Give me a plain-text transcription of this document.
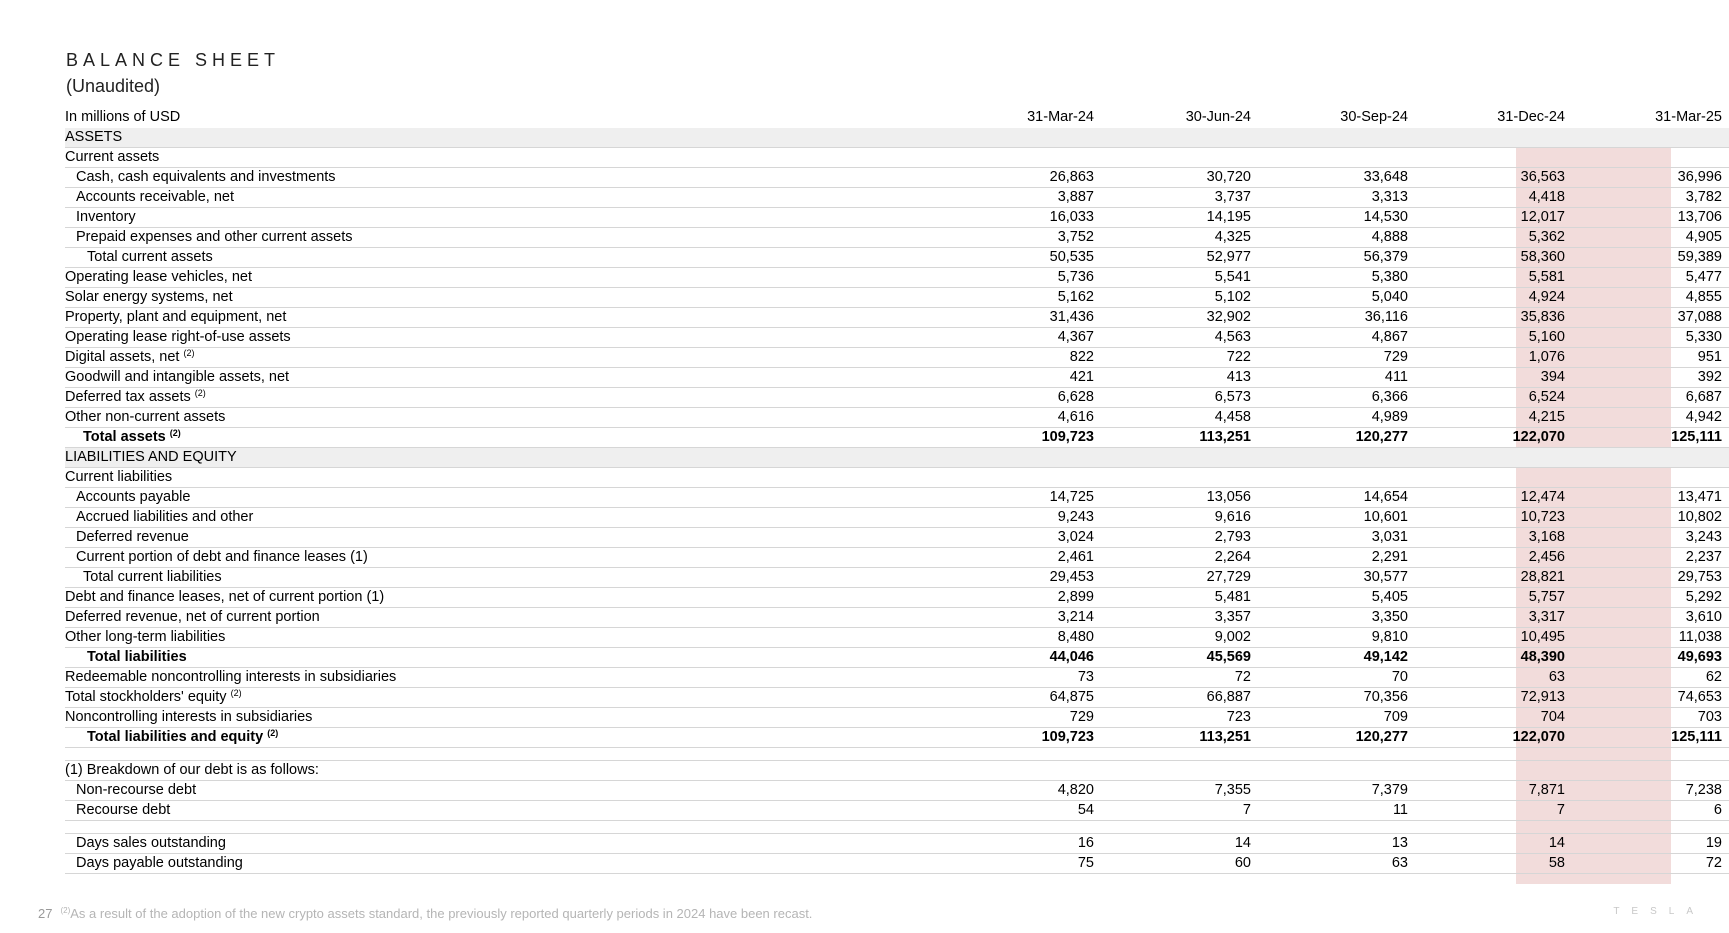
BALANCE SHEET
(Unaudited)
In millions of USD	31-Mar-24	30-Jun-24	30-Sep-24	31-Dec-24	31-Mar-25
ASSETS					
Current assets					
Cash, cash equivalents and investments	26,863	30,720	33,648	36,563	36,996
Accounts receivable, net	3,887	3,737	3,313	4,418	3,782
Inventory	16,033	14,195	14,530	12,017	13,706
Prepaid expenses and other current assets	3,752	4,325	4,888	5,362	4,905
Total current assets	50,535	52,977	56,379	58,360	59,389
Operating lease vehicles, net	5,736	5,541	5,380	5,581	5,477
Solar energy systems, net	5,162	5,102	5,040	4,924	4,855
Property, plant and equipment, net	31,436	32,902	36,116	35,836	37,088
Operating lease right-of-use assets	4,367	4,563	4,867	5,160	5,330
Digital assets, net $^{(2)}$	822	722	729	1,076	951
Goodwill and intangible assets, net	421	413	411	394	392
Deferred tax assets $^{(2)}$	6,628	6,573	6,366	6,524	6,687
Other non-current assets	4,616	4,458	4,989	4,215	4,942
Total assets $^{(2)}$	109,723	113,251	120,277	122,070	125,111
LIABILITIES AND EQUITY					
Current liabilities					
Accounts payable	14,725	13,056	14,654	12,474	13,471
Accrued liabilities and other	9,243	9,616	10,601	10,723	10,802
Deferred revenue	3,024	2,793	3,031	3,168	3,243
Current portion of debt and finance leases (1)	2,461	2,264	2,291	2,456	2,237
Total current liabilities	29,453	27,729	30,577	28,821	29,753
Debt and finance leases, net of current portion (1)	2,899	5,481	5,405	5,757	5,292
Deferred revenue, net of current portion	3,214	3,357	3,350	3,317	3,610
Other long-term liabilities	8,480	9,002	9,810	10,495	11,038
Total liabilities	44,046	45,569	49,142	48,390	49,693
Redeemable noncontrolling interests in subsidiaries	73	72	70	63	62
Total stockholders' equity $^{(2)}$	64,875	66,887	70,356	72,913	74,653
Noncontrolling interests in subsidiaries	729	723	709	704	703
Total liabilities and equity $^{(2)}$	109,723	113,251	120,277	122,070	125,111

(1) Breakdown of our debt is as follows:					
Non-recourse debt	4,820	7,355	7,379	7,871	7,238
Recourse debt	54	7	11	7	6

Days sales outstanding	16	14	13	14	19
Days payable outstanding	75	60	63	58	72
27 $^{(2)}$As a result of the adoption of the new crypto assets standard, the previously reported quarterly periods in 2024 have been recast.	TESLA
